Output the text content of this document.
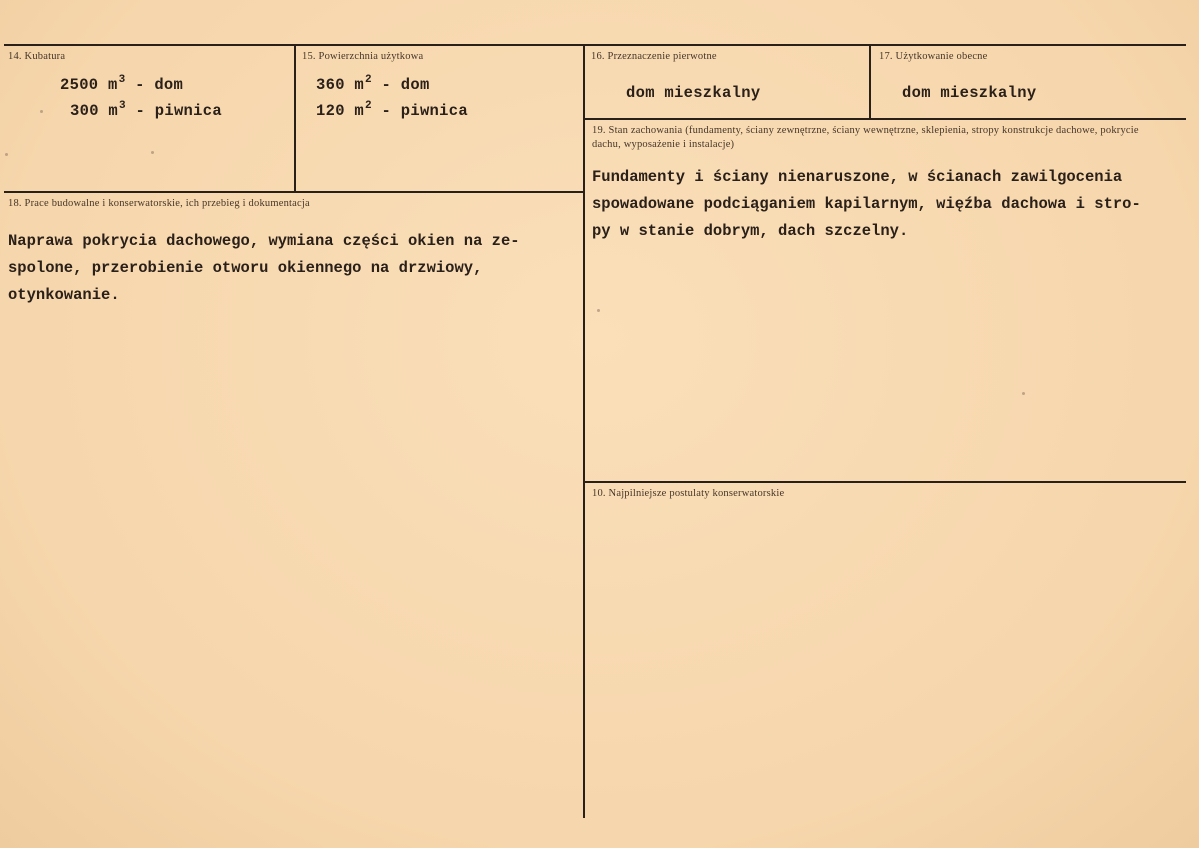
14. Kubatura
2500 $m^3$ - dom
300 $m^3$ - piwnica
15. Powierzchnia użytkowa
360 $m^2$ - dom
120 $m^2$ - piwnica
16. Przeznaczenie pierwotne
dom mieszkalny
17. Użytkowanie obecne
dom mieszkalny
18. Prace budowalne i konserwatorskie, ich przebieg i dokumentacja
Naprawa pokrycia dachowego, wymiana części okien na ze-
spolone, przerobienie otworu okiennego na drzwiowy,
otynkowanie.
19. Stan zachowania (fundamenty, ściany zewnętrzne, ściany wewnętrzne, sklepienia, stropy konstrukcje dachowe, pokrycie dachu, wyposażenie i instalacje)
Fundamenty i ściany nienaruszone, w ścianach zawilgocenia
spowadowane podciąganiem kapilarnym, więźba dachowa i stro-
py w stanie dobrym, dach szczelny.
10. Najpilniejsze postulaty konserwatorskie
